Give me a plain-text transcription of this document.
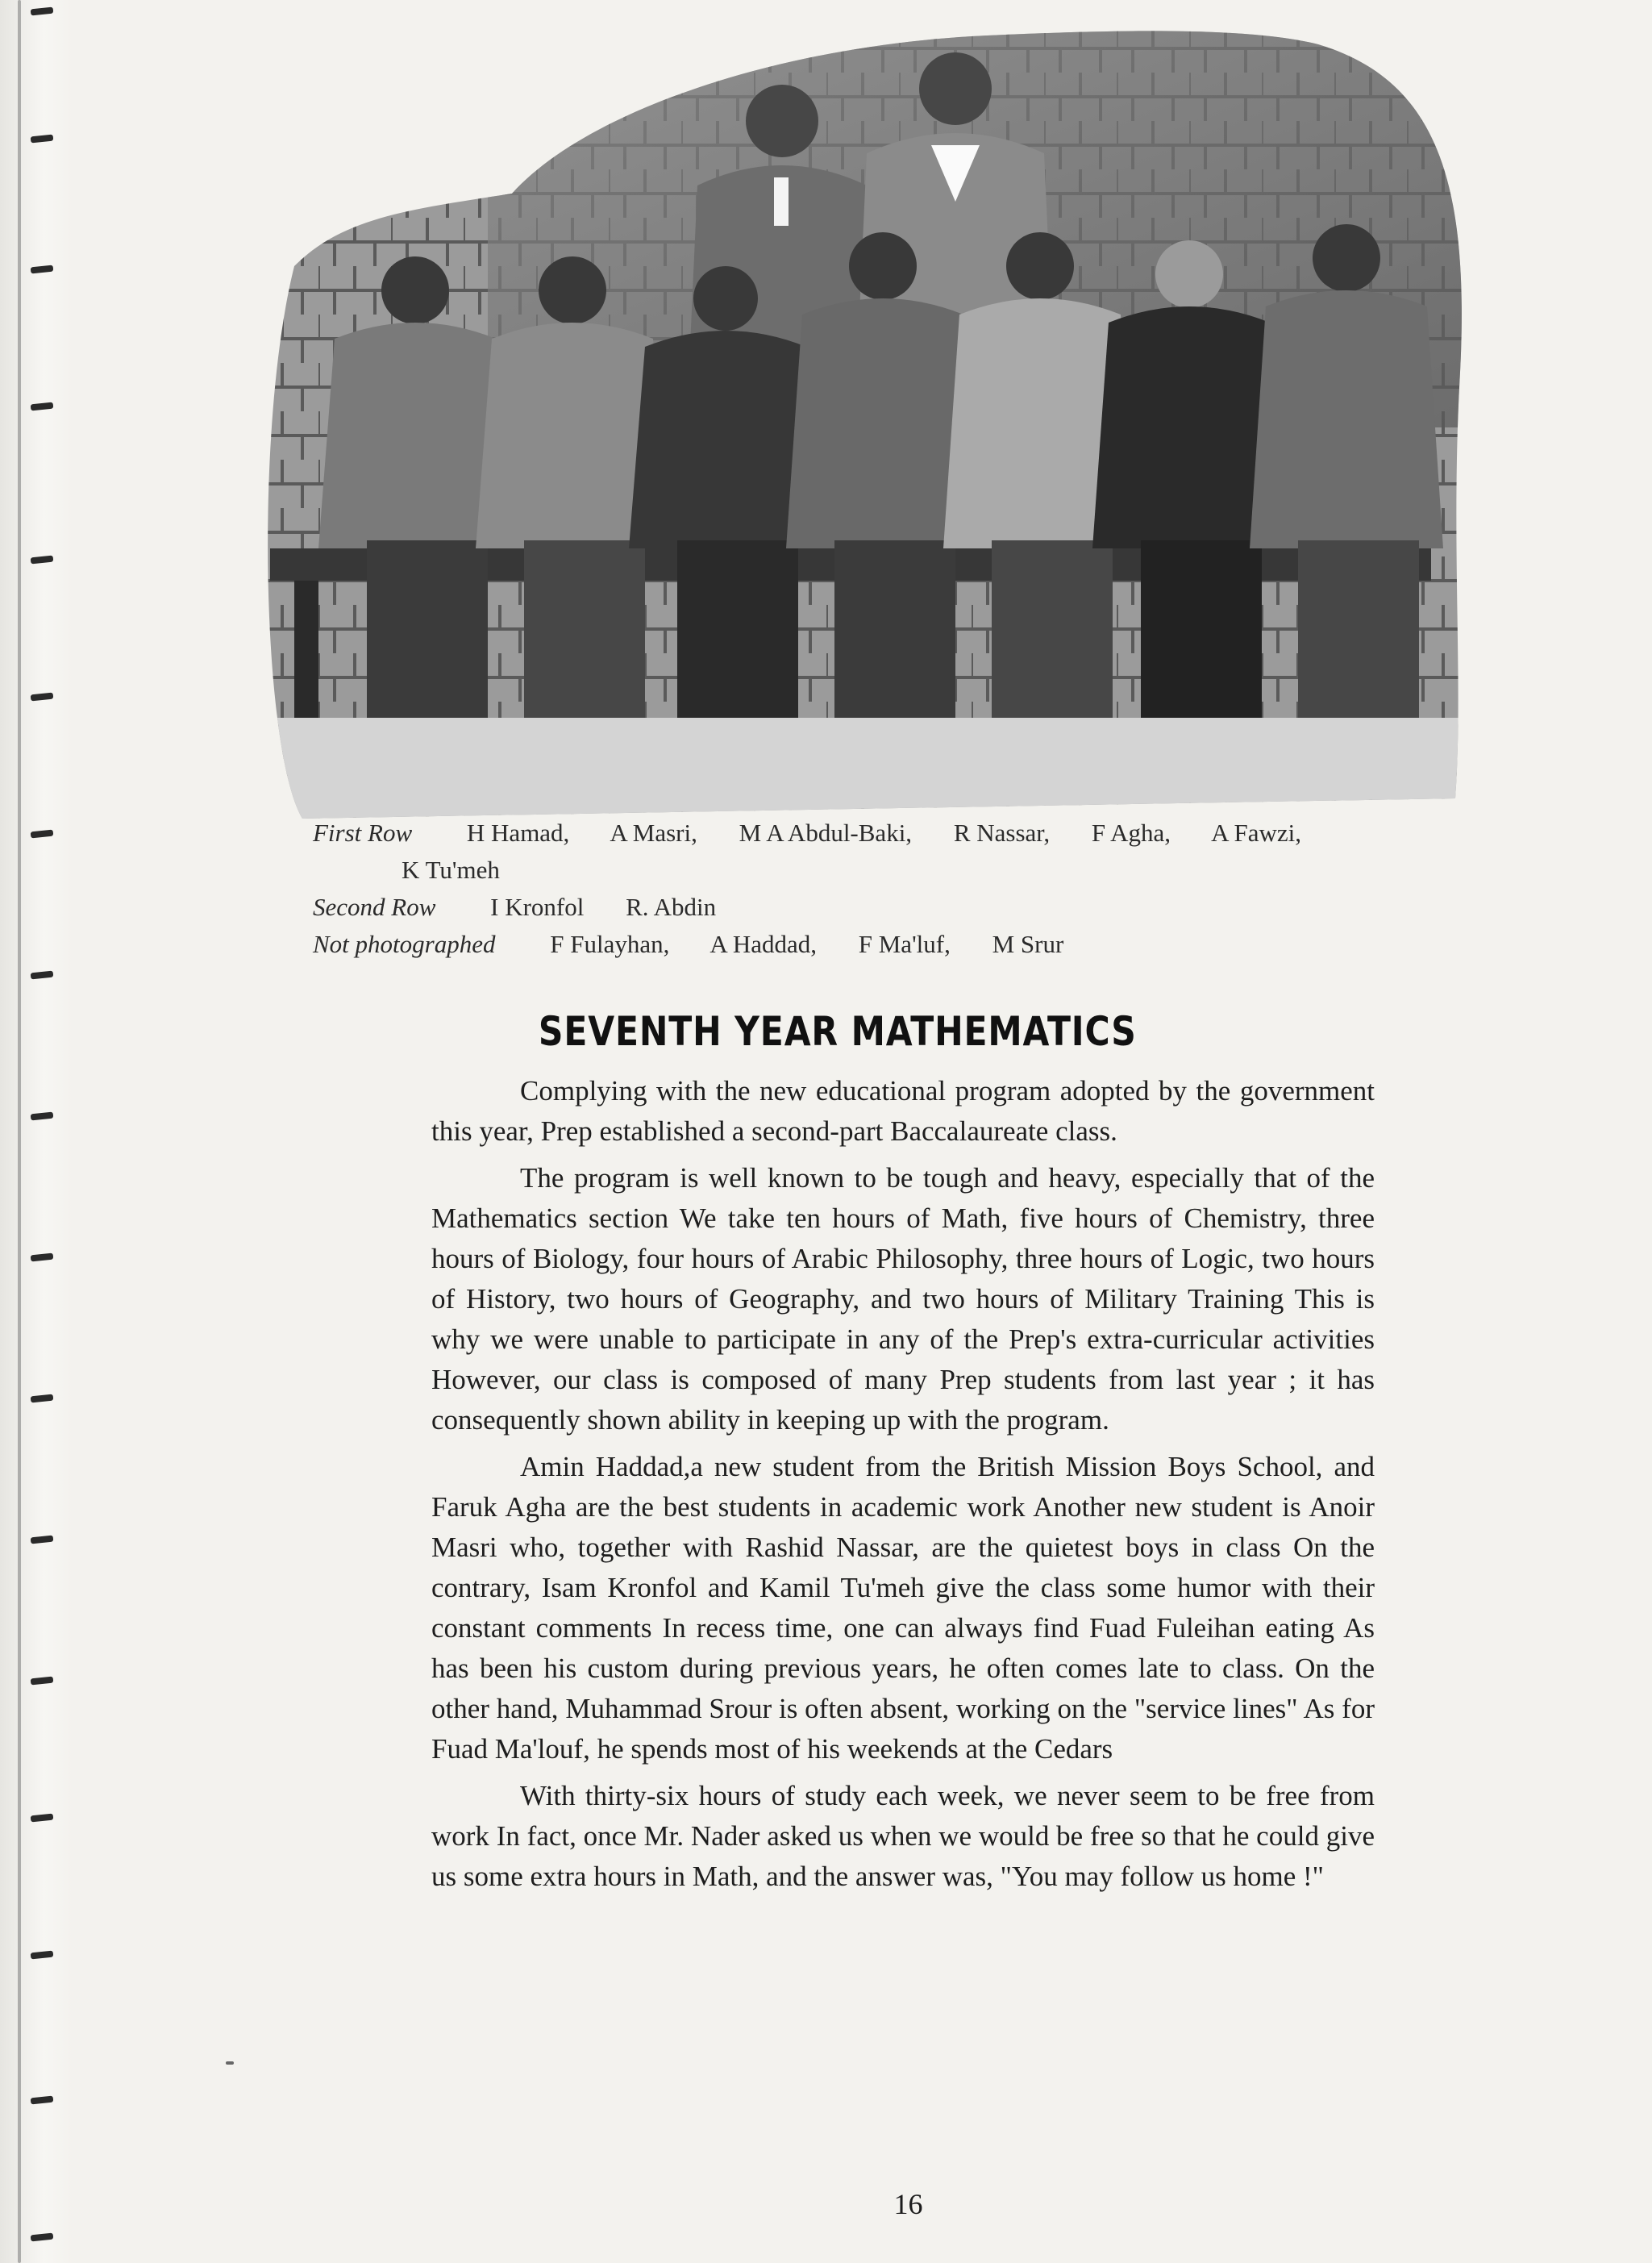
First Row H Hamad, A Masri, M A Abdul-Baki, R Nassar, F Agha, A Fawzi,
K Tu'meh
Second Row I Kronfol R. Abdin
Not photographed F Fulayhan, A Haddad, F Ma'luf, M Srur
SEVENTH YEAR MATHEMATICS

Complying with the new educational program adopted by the government this year, Prep established a second-part Baccalaureate class.

The program is well known to be tough and heavy, especially that of the Mathematics section We take ten hours of Math, five hours of Chemistry, three hours of Biology, four hours of Arabic Philosophy, three hours of Logic, two hours of History, two hours of Geography, and two hours of Military Training This is why we were unable to participate in any of the Prep's extra-curricular activities However, our class is composed of many Prep students from last year ; it has consequently shown ability in keeping up with the program.

Amin Haddad,a new student from the British Mission Boys School, and Faruk Agha are the best students in academic work Another new student is Anoir Masri who, together with Rashid Nassar, are the quietest boys in class On the contrary, Isam Kronfol and Kamil Tu'meh give the class some humor with their constant comments In recess time, one can always find Fuad Fuleihan eating As has been his custom during previous years, he often comes late to class. On the other hand, Muhammad Srour is often absent, working on the "service lines" As for Fuad Ma'louf, he spends most of his weekends at the Cedars

With thirty-six hours of study each week, we never seem to be free from work In fact, once Mr. Nader asked us when we would be free so that he could give us some extra hours in Math, and the answer was, "You may follow us home !"

16
